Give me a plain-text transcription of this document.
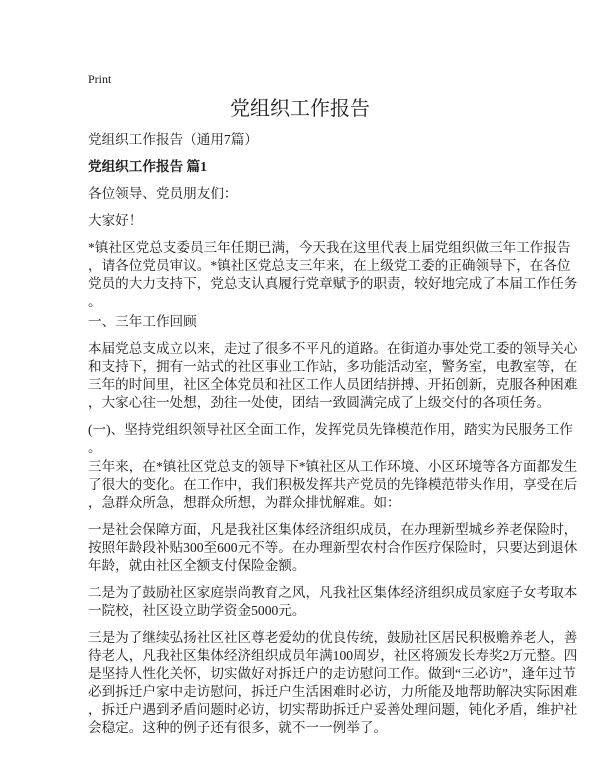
Print
党组织工作报告
党组织工作报告（通用7篇）
党组织工作报告 篇1
各位领导、党员朋友们：
大家好！
*镇社区党总支委员三年任期已满，今天我在这里代表上届党组织做三年工作报告
，请各位党员审议。*镇社区党总支三年来，在上级党工委的正确领导下，在各位
党员的大力支持下，党总支认真履行党章赋予的职责，较好地完成了本届工作任务
。
一、三年工作回顾
本届党总支成立以来，走过了很多不平凡的道路。在街道办事处党工委的领导关心
和支持下，拥有一站式的社区事业工作站，多功能活动室，警务室，电教室等，在
三年的时间里，社区全体党员和社区工作人员团结拼搏、开拓创新，克服各种困难
，大家心往一处想，劲往一处使，团结一致圆满完成了上级交付的各项任务。
(一)、坚持党组织领导社区全面工作，发挥党员先锋模范作用，踏实为民服务工作
。
三年来，在*镇社区党总支的领导下*镇社区从工作环境、小区环境等各方面都发生
了很大的变化。在工作中，我们积极发挥共产党员的先锋模范带头作用，享受在后
，急群众所急，想群众所想，为群众排忧解难。如：
一是社会保障方面，凡是我社区集体经济组织成员，在办理新型城乡养老保险时，
按照年龄段补贴300至600元不等。在办理新型农村合作医疗保险时，只要达到退休
年龄，就由社区全额支付保险金额。
二是为了鼓励社区家庭崇尚教育之风，凡我社区集体经济组织成员家庭子女考取本
一院校，社区设立助学资金5000元。
三是为了继续弘扬社区社区尊老爱幼的优良传统，鼓励社区居民积极赡养老人，善
待老人，凡我社区集体经济组织成员年满100周岁，社区将颁发长寿奖2万元整。四
是坚持人性化关怀，切实做好对拆迁户的走访慰问工作。做到“三必访”，逢年过节
必到拆迁户家中走访慰问，拆迁户生活困难时必访，力所能及地帮助解决实际困难
，拆迁户遇到矛盾问题时必访，切实帮助拆迁户妥善处理问题，钝化矛盾，维护社
会稳定。这种的例子还有很多，就不一一例举了。
